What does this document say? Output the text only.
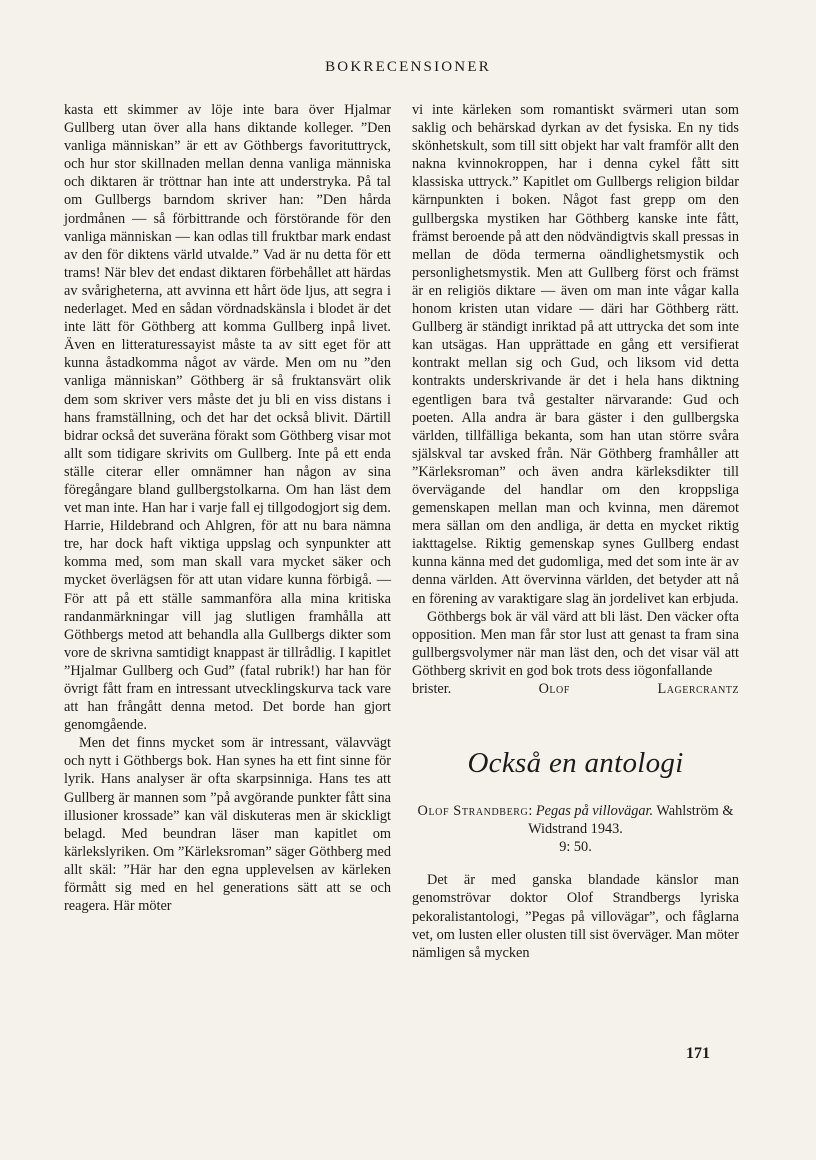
BOKRECENSIONER

kasta ett skimmer av löje inte bara över Hjalmar Gullberg utan över alla hans diktande kolleger. ”Den vanliga människan” är ett av Göthbergs favorituttryck, och hur stor skillnaden mellan denna vanliga människa och diktaren är tröttnar han inte att understryka. På tal om Gullbergs barndom skriver han: ”Den hårda jordmånen — så förbittrande och förstörande för den vanliga människan — kan odlas till fruktbar mark endast av den för diktens värld utvalde.” Vad är nu detta för ett trams! När blev det endast diktaren förbehållet att härdas av svårigheterna, att avvinna ett hårt öde ljus, att segra i nederlaget. Med en sådan vördnadskänsla i blodet är det inte lätt för Göthberg att komma Gullberg inpå livet. Även en litteraturessayist måste ta av sitt eget för att kunna åstadkomma något av värde. Men om nu ”den vanliga människan” Göthberg är så fruktansvärt olik dem som skriver vers måste det ju bli en viss distans i hans framställning, och det har det också blivit. Därtill bidrar också det suveräna förakt som Göthberg visar mot allt som tidigare skrivits om Gullberg. Inte på ett enda ställe citerar eller omnämner han någon av sina föregångare bland gullbergstolkarna. Om han läst dem vet man inte. Han har i varje fall ej tillgodogjort sig dem. Harrie, Hildebrand och Ahlgren, för att nu bara nämna tre, har dock haft viktiga uppslag och synpunkter att komma med, som man skall vara mycket säker och mycket överlägsen för att utan vidare kunna förbigå. — För att på ett ställe sammanföra alla mina kritiska randanmärkningar vill jag slutligen framhålla att Göthbergs metod att behandla alla Gullbergs dikter som vore de skrivna samtidigt knappast är tillrådlig. I kapitlet ”Hjalmar Gullberg och Gud” (fatal rubrik!) har han för övrigt fått fram en intressant utvecklingskurva tack vare att han frångått denna metod. Det borde han gjort genomgående.

Men det finns mycket som är intressant, välavvägt och nytt i Göthbergs bok. Han synes ha ett fint sinne för lyrik. Hans analyser är ofta skarpsinniga. Hans tes att Gullberg är mannen som ”på avgörande punkter fått sina illusioner krossade” kan väl diskuteras men är skickligt belagd. Med beundran läser man kapitlet om kärlekslyriken. Om ”Kärleksroman” säger Göthberg med allt skäl: ”Här har den egna upplevelsen av kärleken förmått sig med en hel generations sätt att se och reagera. Här möter

vi inte kärleken som romantiskt svärmeri utan som saklig och behärskad dyrkan av det fysiska. En ny tids skönhetskult, som till sitt objekt har valt framför allt den nakna kvinnokroppen, har i denna cykel fått sitt klassiska uttryck.” Kapitlet om Gullbergs religion bildar kärnpunkten i boken. Något fast grepp om den gullbergska mystiken har Göthberg kanske inte fått, främst beroende på att den nödvändigtvis skall pressas in mellan de döda termerna oändlighetsmystik och personlighetsmystik. Men att Gullberg först och främst är en religiös diktare — även om man inte vågar kalla honom kristen utan vidare — däri har Göthberg rätt. Gullberg är ständigt inriktad på att uttrycka det som inte kan utsägas. Han upprättade en gång ett versifierat kontrakt mellan sig och Gud, och liksom vid detta kontrakts underskrivande är det i hela hans diktning egentligen bara två gestalter närvarande: Gud och poeten. Alla andra är bara gäster i den gullbergska världen, tillfälliga bekanta, som han utan större svåra själskval tar avsked från. När Göthberg framhåller att ”Kärleksroman” och även andra kärleksdikter till övervägande del handlar om den kroppsliga gemenskapen mellan man och kvinna, men däremot mera sällan om den andliga, är detta en mycket riktig iakttagelse. Riktig gemenskap synes Gullberg endast kunna känna med det gudomliga, med det som inte är av denna världen. Att övervinna världen, det betyder att nå en förening av varaktigare slag än jordelivet kan erbjuda.

Göthbergs bok är väl värd att bli läst. Den väcker ofta opposition. Men man får stor lust att genast ta fram sina gullbergsvolymer när man läst den, och det visar väl att Göthberg skrivit en god bok trots dess iögonfallande

brister.	Olof Lagercrantz
Också en antologi
Olof Strandberg: Pegas på villovägar. Wahlström & Widstrand 1943.
9: 50.

Det är med ganska blandade känslor man genomströvar doktor Olof Strandbergs lyriska pekoralistantologi, ”Pegas på villovägar”, och fåglarna vet, om lusten eller olusten till sist överväger. Man möter nämligen så mycken

171
